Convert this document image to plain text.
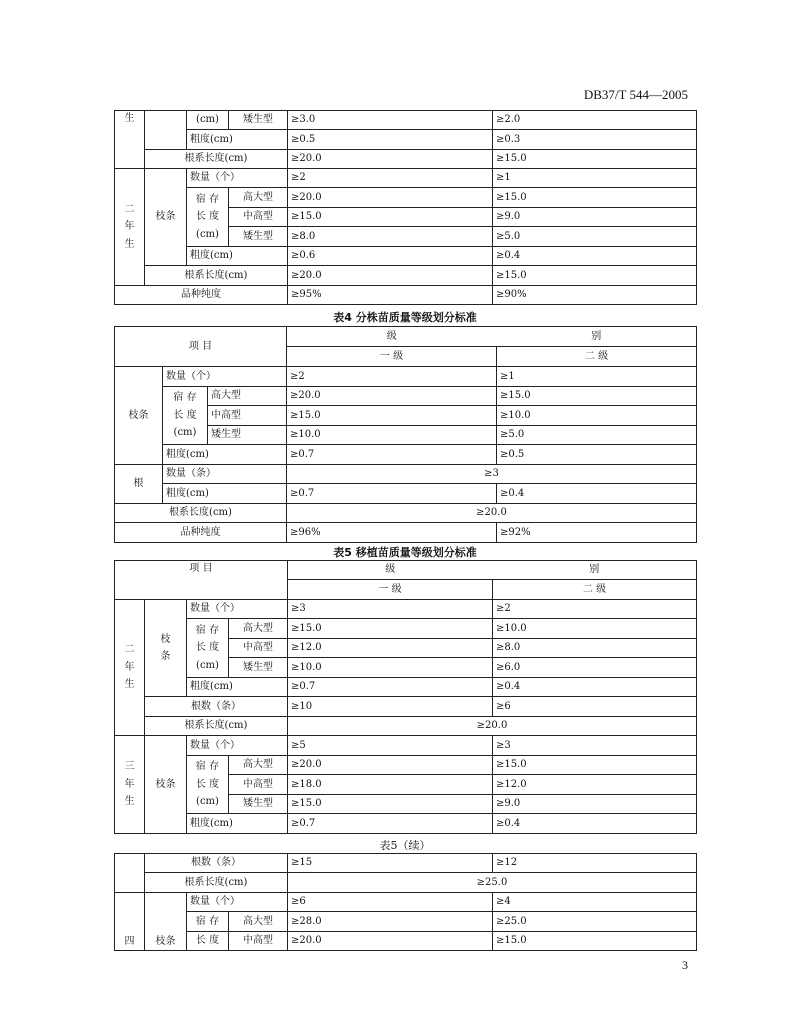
DB37/T 544—2005
生		(cm)	矮生型	≥3.0	≥2.0
		粗度(cm)		≥0.5	≥0.3
	根系长度(cm)			≥20.0	≥15.0
二
年
生	枝条	数量（个）		≥2	≥1
		宿 存
长 度
(cm)	高大型	≥20.0	≥15.0
			中高型	≥15.0	≥9.0
			矮生型	≥8.0	≥5.0
		粗度(cm)		≥0.6	≥0.4
	根系长度(cm)			≥20.0	≥15.0
品种纯度				≥95%	≥90%
表4 分株苗质量等级划分标准
项 目			级	别
			一 级	二 级
枝条	数量（个）		≥2	≥1
	宿 存
长 度
(cm)	高大型	≥20.0	≥15.0
		中高型	≥15.0	≥10.0
		矮生型	≥10.0	≥5.0
	粗度(cm)		≥0.7	≥0.5
根	数量（条）		≥3	
	粗度(cm)		≥0.7	≥0.4
根系长度(cm)			≥20.0	
品种纯度			≥96%	≥92%
表5 移植苗质量等级划分标准
项 目				级	别
				一 级	二 级
二
年
生	枝
条	数量（个）		≥3	≥2
		宿 存
长 度
(cm)	高大型	≥15.0	≥10.0
			中高型	≥12.0	≥8.0
			矮生型	≥10.0	≥6.0
		粗度(cm)		≥0.7	≥0.4
	根数（条）			≥10	≥6
	根系长度(cm)			≥20.0	
三
年
生	枝条	数量（个）		≥5	≥3
		宿 存
长 度
(cm)	高大型	≥20.0	≥15.0
			中高型	≥18.0	≥12.0
			矮生型	≥15.0	≥9.0
		粗度(cm)		≥0.7	≥0.4
表5（续）
	根数（条）			≥15	≥12
	根系长度(cm)			≥25.0	
四	枝条	数量（个）		≥6	≥4
		宿 存	高大型	≥28.0	≥25.0
		长 度	中高型	≥20.0	≥15.0
3
